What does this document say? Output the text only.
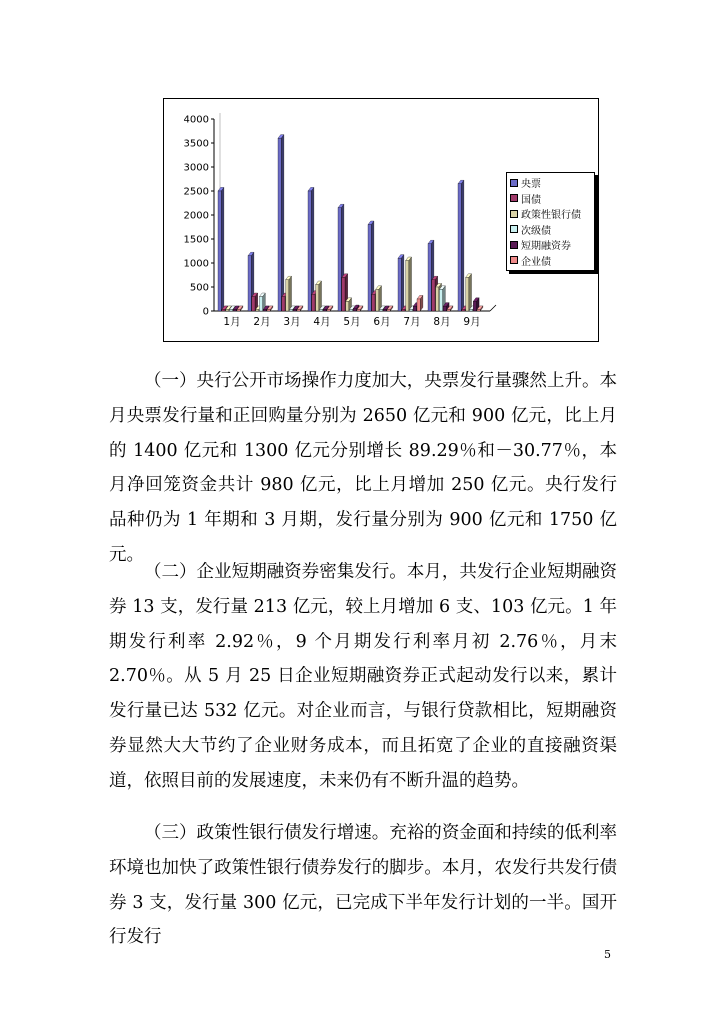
0
500
1000
1500
2000
2500
3000
3500
4000
1月 2月 3月 4月 5月 6月 7月 8月 9月
央票
国债
政策性银行债
次级债
短期融资券
企业债

（一）央行公开市场操作力度加大，央票发行量骤然上升。本月央票发行量和正回购量分别为 2650 亿元和 900 亿元，比上月的 1400 亿元和 1300 亿元分别增长 89.29％和－30.77％，本月净回笼资金共计 980 亿元，比上月增加 250 亿元。央行发行品种仍为 1 年期和 3 月期，发行量分别为 900 亿元和 1750 亿元。

（二）企业短期融资券密集发行。本月，共发行企业短期融资券 13 支，发行量 213 亿元，较上月增加 6 支、103 亿元。1 年期发行利率 2.92％，9 个月期发行利率月初 2.76％，月末 2.70％。从 5 月 25 日企业短期融资券正式起动发行以来，累计发行量已达 532 亿元。对企业而言，与银行贷款相比，短期融资券显然大大节约了企业财务成本，而且拓宽了企业的直接融资渠道，依照目前的发展速度，未来仍有不断升温的趋势。

（三）政策性银行债发行增速。充裕的资金面和持续的低利率环境也加快了政策性银行债券发行的脚步。本月，农发行共发行债券 3 支，发行量 300 亿元，已完成下半年发行计划的一半。国开行发行

5
